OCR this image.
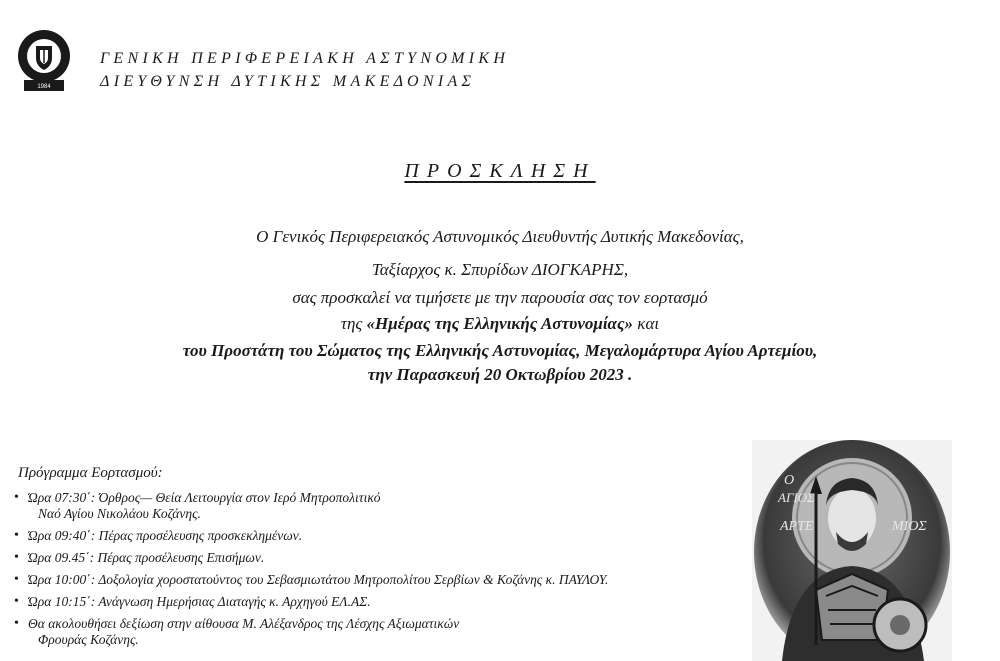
1984
ΓΕΝΙΚΗ ΠΕΡΙΦΕΡΕΙΑΚΗ ΑΣΤΥΝΟΜΙΚΗ
ΔΙΕΥΘΥΝΣΗ ΔΥΤΙΚΗΣ ΜΑΚΕΔΟΝΙΑΣ
ΠΡΟΣΚΛΗΣΗ
Ο Γενικός Περιφερειακός Αστυνομικός Διευθυντής Δυτικής Μακεδονίας,
Ταξίαρχος κ. Σπυρίδων ΔΙΟΓΚΑΡΗΣ,
σας προσκαλεί να τιμήσετε με την παρουσία σας τον εορτασμό
της «Ημέρας της Ελληνικής Αστυνομίας» και
του Προστάτη του Σώματος της Ελληνικής Αστυνομίας, Μεγαλομάρτυρα Αγίου Αρτεμίου,
την Παρασκευή 20 Οκτωβρίου 2023 .
Πρόγραμμα Εορτασμού:
• Ώρα 07:30΄: Όρθρος— Θεία Λειτουργία στον Ιερό Μητροπολιτικό
Ναό Αγίου Νικολάου Κοζάνης.
• Ώρα 09:40΄: Πέρας προσέλευσης προσκεκλημένων.
• Ώρα 09.45΄: Πέρας προσέλευσης Επισήμων.
• Ώρα 10:00΄: Δοξολογία χοροστατούντος του Σεβασμιωτάτου Μητροπολίτου Σερβίων & Κοζάνης κ. ΠΑΥΛΟΥ.
• Ώρα 10:15΄: Ανάγνωση Ημερήσιας Διαταγής κ. Αρχηγού ΕΛ.ΑΣ.
• Θα ακολουθήσει δεξίωση στην αίθουσα Μ. Αλέξανδρος της Λέσχης Αξιωματικών
Φρουράς Κοζάνης.
Ο
ΑΓΙΟΣ
ΑΡΤΕ	ΜΙΟΣ
